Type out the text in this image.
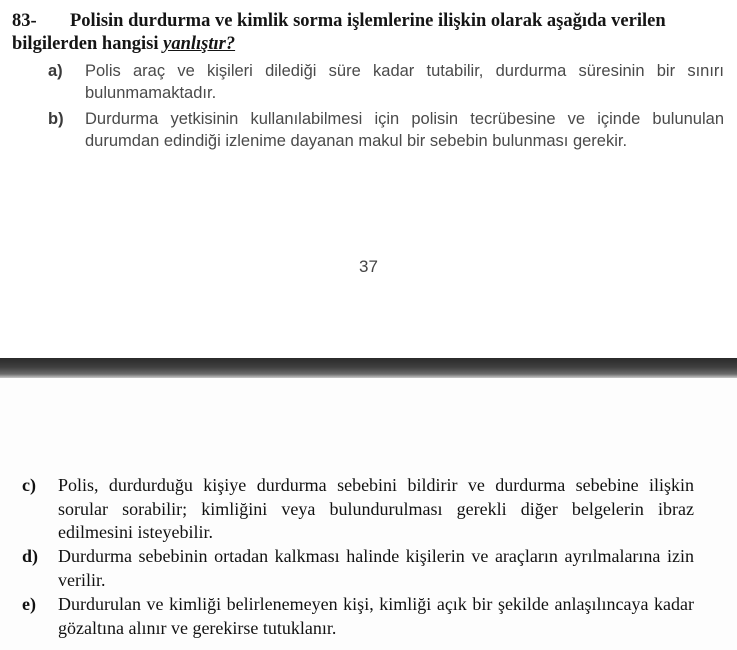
83- Polisin durdurma ve kimlik sorma işlemlerine ilişkin olarak aşağıda verilen bilgilerden hangisi yanlıştır?
a) Polis araç ve kişileri dilediği süre kadar tutabilir, durdurma süresinin bir sınırı bulunmamaktadır.
b) Durdurma yetkisinin kullanılabilmesi için polisin tecrübesine ve içinde bulunulan durumdan edindiği izlenime dayanan makul bir sebebin bulunması gerekir.
37
c) Polis, durdurduğu kişiye durdurma sebebini bildirir ve durdurma sebebine ilişkin sorular sorabilir; kimliğini veya bulundurulması gerekli diğer belgelerin ibraz edilmesini isteyebilir.
d) Durdurma sebebinin ortadan kalkması halinde kişilerin ve araçların ayrılmalarına izin verilir.
e) Durdurulan ve kimliği belirlenemeyen kişi, kimliği açık bir şekilde anlaşılıncaya kadar gözaltına alınır ve gerekirse tutuklanır.
